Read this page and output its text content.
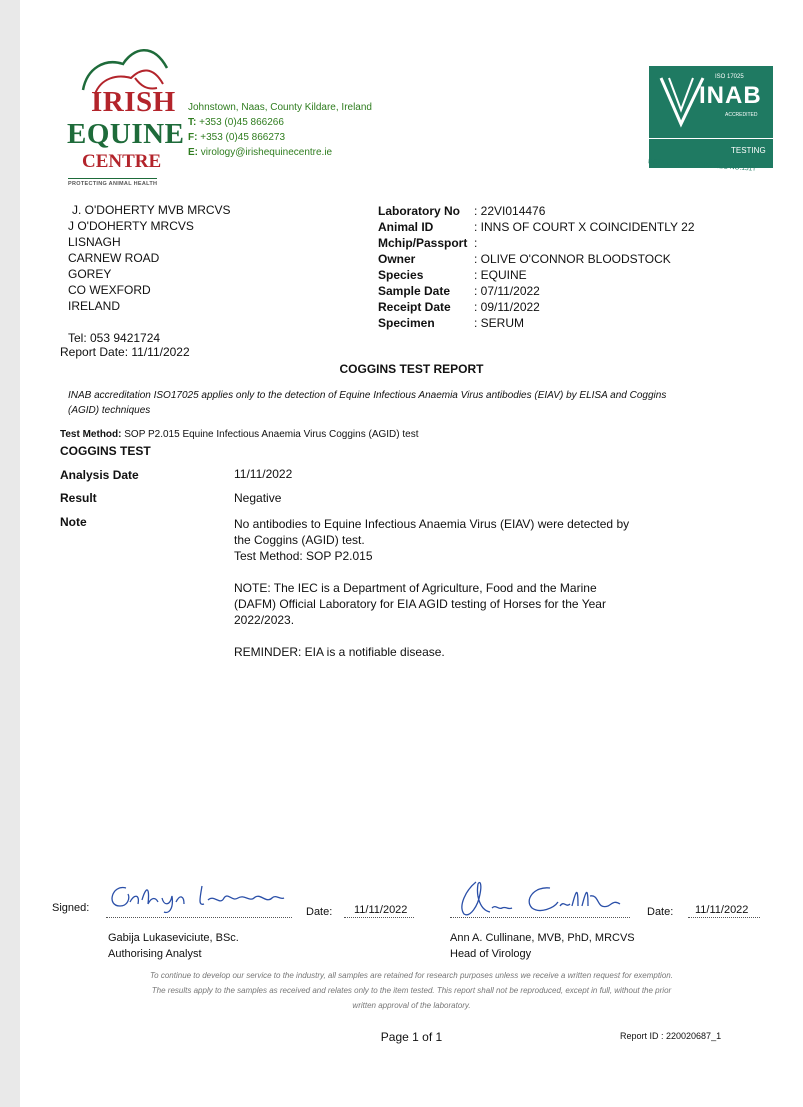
IRISH
EQUINE
CENTRE
PROTECTING ANIMAL HEALTH
Johnstown, Naas, County Kildare, Ireland
T: +353 (0)45 866266
F: +353 (0)45 866273
E: virology@irishequinecentre.ie
ISO 17025
INAB
ACCREDITED
TESTING
DETAILED IN SCOPE REG NO.151T
J. O'DOHERTY MVB MRCVS
J O'DOHERTY MRCVS
LISNAGH
CARNEW ROAD
GOREY
CO WEXFORD
IRELAND
Tel: 053 9421724
Report Date: 11/11/2022
Laboratory No : 22VI014476
Animal ID	: INNS OF COURT X COINCIDENTLY 22
Mchip/Passport :
Owner	: OLIVE O'CONNOR BLOODSTOCK
Species	: EQUINE
Sample Date : 07/11/2022
Receipt Date : 09/11/2022
Specimen	: SERUM
COGGINS TEST REPORT
INAB accreditation ISO17025 applies only to the detection of Equine Infectious Anaemia Virus antibodies (EIAV) by ELISA and Coggins (AGID) techniques
Test Method: SOP P2.015 Equine Infectious Anaemia Virus Coggins (AGID) test
COGGINS TEST
Analysis Date	11/11/2022
Result	Negative
Note	No antibodies to Equine Infectious Anaemia Virus (EIAV) were detected by
the Coggins (AGID) test.
Test Method: SOP P2.015
NOTE: The IEC is a Department of Agriculture, Food and the Marine
(DAFM) Official Laboratory for EIA AGID testing of Horses for the Year
2022/2023.
REMINDER: EIA is a notifiable disease.
Signed:	Date: 11/11/2022
Gabija Lukaseviciute, BSc.
Authorising Analyst
Date: 11/11/2022
Ann A. Cullinane, MVB, PhD, MRCVS
Head of Virology
To continue to develop our service to the industry, all samples are retained for research purposes unless we receive a written request for exemption.
The results apply to the samples as received and relates only to the item tested. This report shall not be reproduced, except in full, without the prior
written approval of the laboratory.
Page 1 of 1	Report ID : 220020687_1
